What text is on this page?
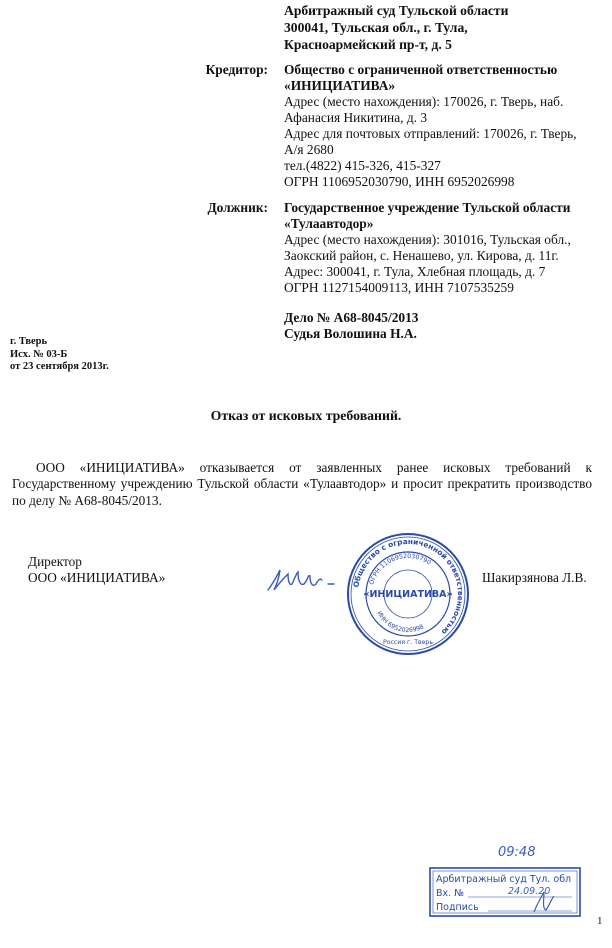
Арбитражный суд Тульской области
300041, Тульская обл., г. Тула,
Красноармейский пр-т, д. 5
Кредитор: Общество с ограниченной ответственностью
«ИНИЦИАТИВА»
Адрес (место нахождения): 170026, г. Тверь, наб.
Афанасия Никитина, д. 3
Адрес для почтовых отправлений: 170026, г. Тверь,
А/я 2680
тел.(4822) 415-326, 415-327
ОГРН 1106952030790, ИНН 6952026998
Должник: Государственное учреждение Тульской области
«Тулаавтодор»
Адрес (место нахождения): 301016, Тульская обл.,
Заокский район, с. Ненашево, ул. Кирова, д. 11г.
Адрес: 300041, г. Тула, Хлебная площадь, д. 7
ОГРН 1127154009113, ИНН 7107535259
Дело № А68-8045/2013
Судья Волошина Н.А.
г. Тверь
Исх. № 03-Б
от 23 сентября 2013г.
Отказ от исковых требований.
ООО «ИНИЦИАТИВА» отказывается от заявленных ранее исковых требований к Государственному учреждению Тульской области «Тулаавтодор» и просит прекратить производство по делу № А68-8045/2013.
Директор
ООО «ИНИЦИАТИВА»	Общество с ограниченной ответственностью
ОГРН 1106952030790
«ИНИЦИАТИВА»
ИНН 6952026998
Россия г. Тверь
Шакирзянова Л.В.
09:48
Арбитражный суд Тул. обл
Вх. №	24.09.20
Подпись
1
